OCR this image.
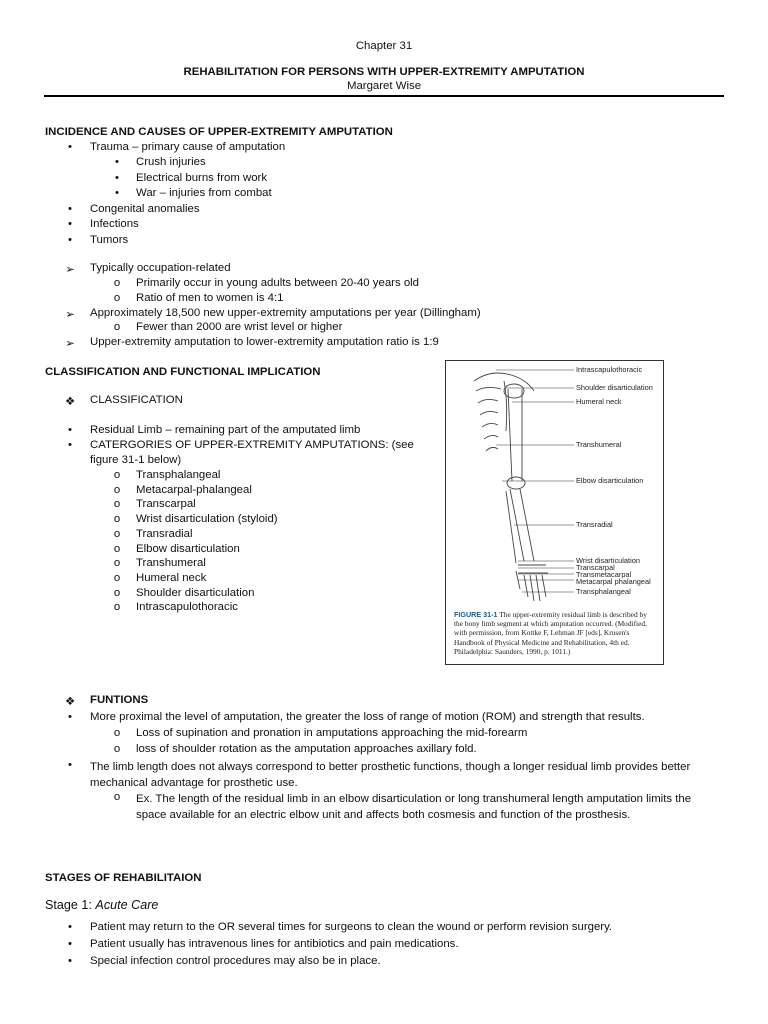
Chapter 31
REHABILITATION FOR PERSONS WITH UPPER-EXTREMITY AMPUTATION
Margaret Wise
INCIDENCE AND CAUSES OF UPPER-EXTREMITY AMPUTATION
• Trauma – primary cause of amputation
• Crush injuries
• Electrical burns from work
• War – injuries from combat
• Congenital anomalies
• Infections
• Tumors
➢ Typically occupation-related
o Primarily occur in young adults between 20-40 years old
o Ratio of men to women is 4:1
➢ Approximately 18,500 new upper-extremity amputations per year (Dillingham)
o Fewer than 2000 are wrist level or higher
➢ Upper-extremity amputation to lower-extremity amputation ratio is 1:9
CLASSIFICATION AND FUNCTIONAL IMPLICATION
❖ CLASSIFICATION
• Residual Limb – remaining part of the amputated limb
• CATERGORIES OF UPPER-EXTREMITY AMPUTATIONS: (see
figure 31-1 below)
o Transphalangeal
o Metacarpal-phalangeal
o Transcarpal
o Wrist disarticulation (styloid)
o Transradial
o Elbow disarticulation
o Transhumeral
o Humeral neck
o Shoulder disarticulation
o Intrascapulothoracic
Intrascapulothoracic
Shoulder disarticulation
Humeral neck
Transhumeral
Elbow disarticulation
Transradial
Wrist disarticulation
Transcarpal
Transmetacarpal
Metacarpal phalangeal
Transphalangeal
FIGURE 31-1 The upper-extremity residual limb is described by the bony limb segment at which amputation occurred. (Modified, with permission, from Kottke F, Lehman JF [eds], Krusen's Handbook of Physical Medicine and Rehabilitation, 4th ed. Philadelphia: Saunders, 1990, p. 1011.)
❖ FUNTIONS
• More proximal the level of amputation, the greater the loss of range of motion (ROM) and strength that results.
o Loss of supination and pronation in amputations approaching the mid-forearm
o loss of shoulder rotation as the amputation approaches axillary fold.
• The limb length does not always correspond to better prosthetic functions, though a longer residual limb provides better mechanical advantage for prosthetic use.
o Ex. The length of the residual limb in an elbow disarticulation or long transhumeral length amputation limits the space available for an electric elbow unit and affects both cosmesis and function of the prosthesis.
STAGES OF REHABILITAION
Stage 1: Acute Care
• Patient may return to the OR several times for surgeons to clean the wound or perform revision surgery.
• Patient usually has intravenous lines for antibiotics and pain medications.
• Special infection control procedures may also be in place.
